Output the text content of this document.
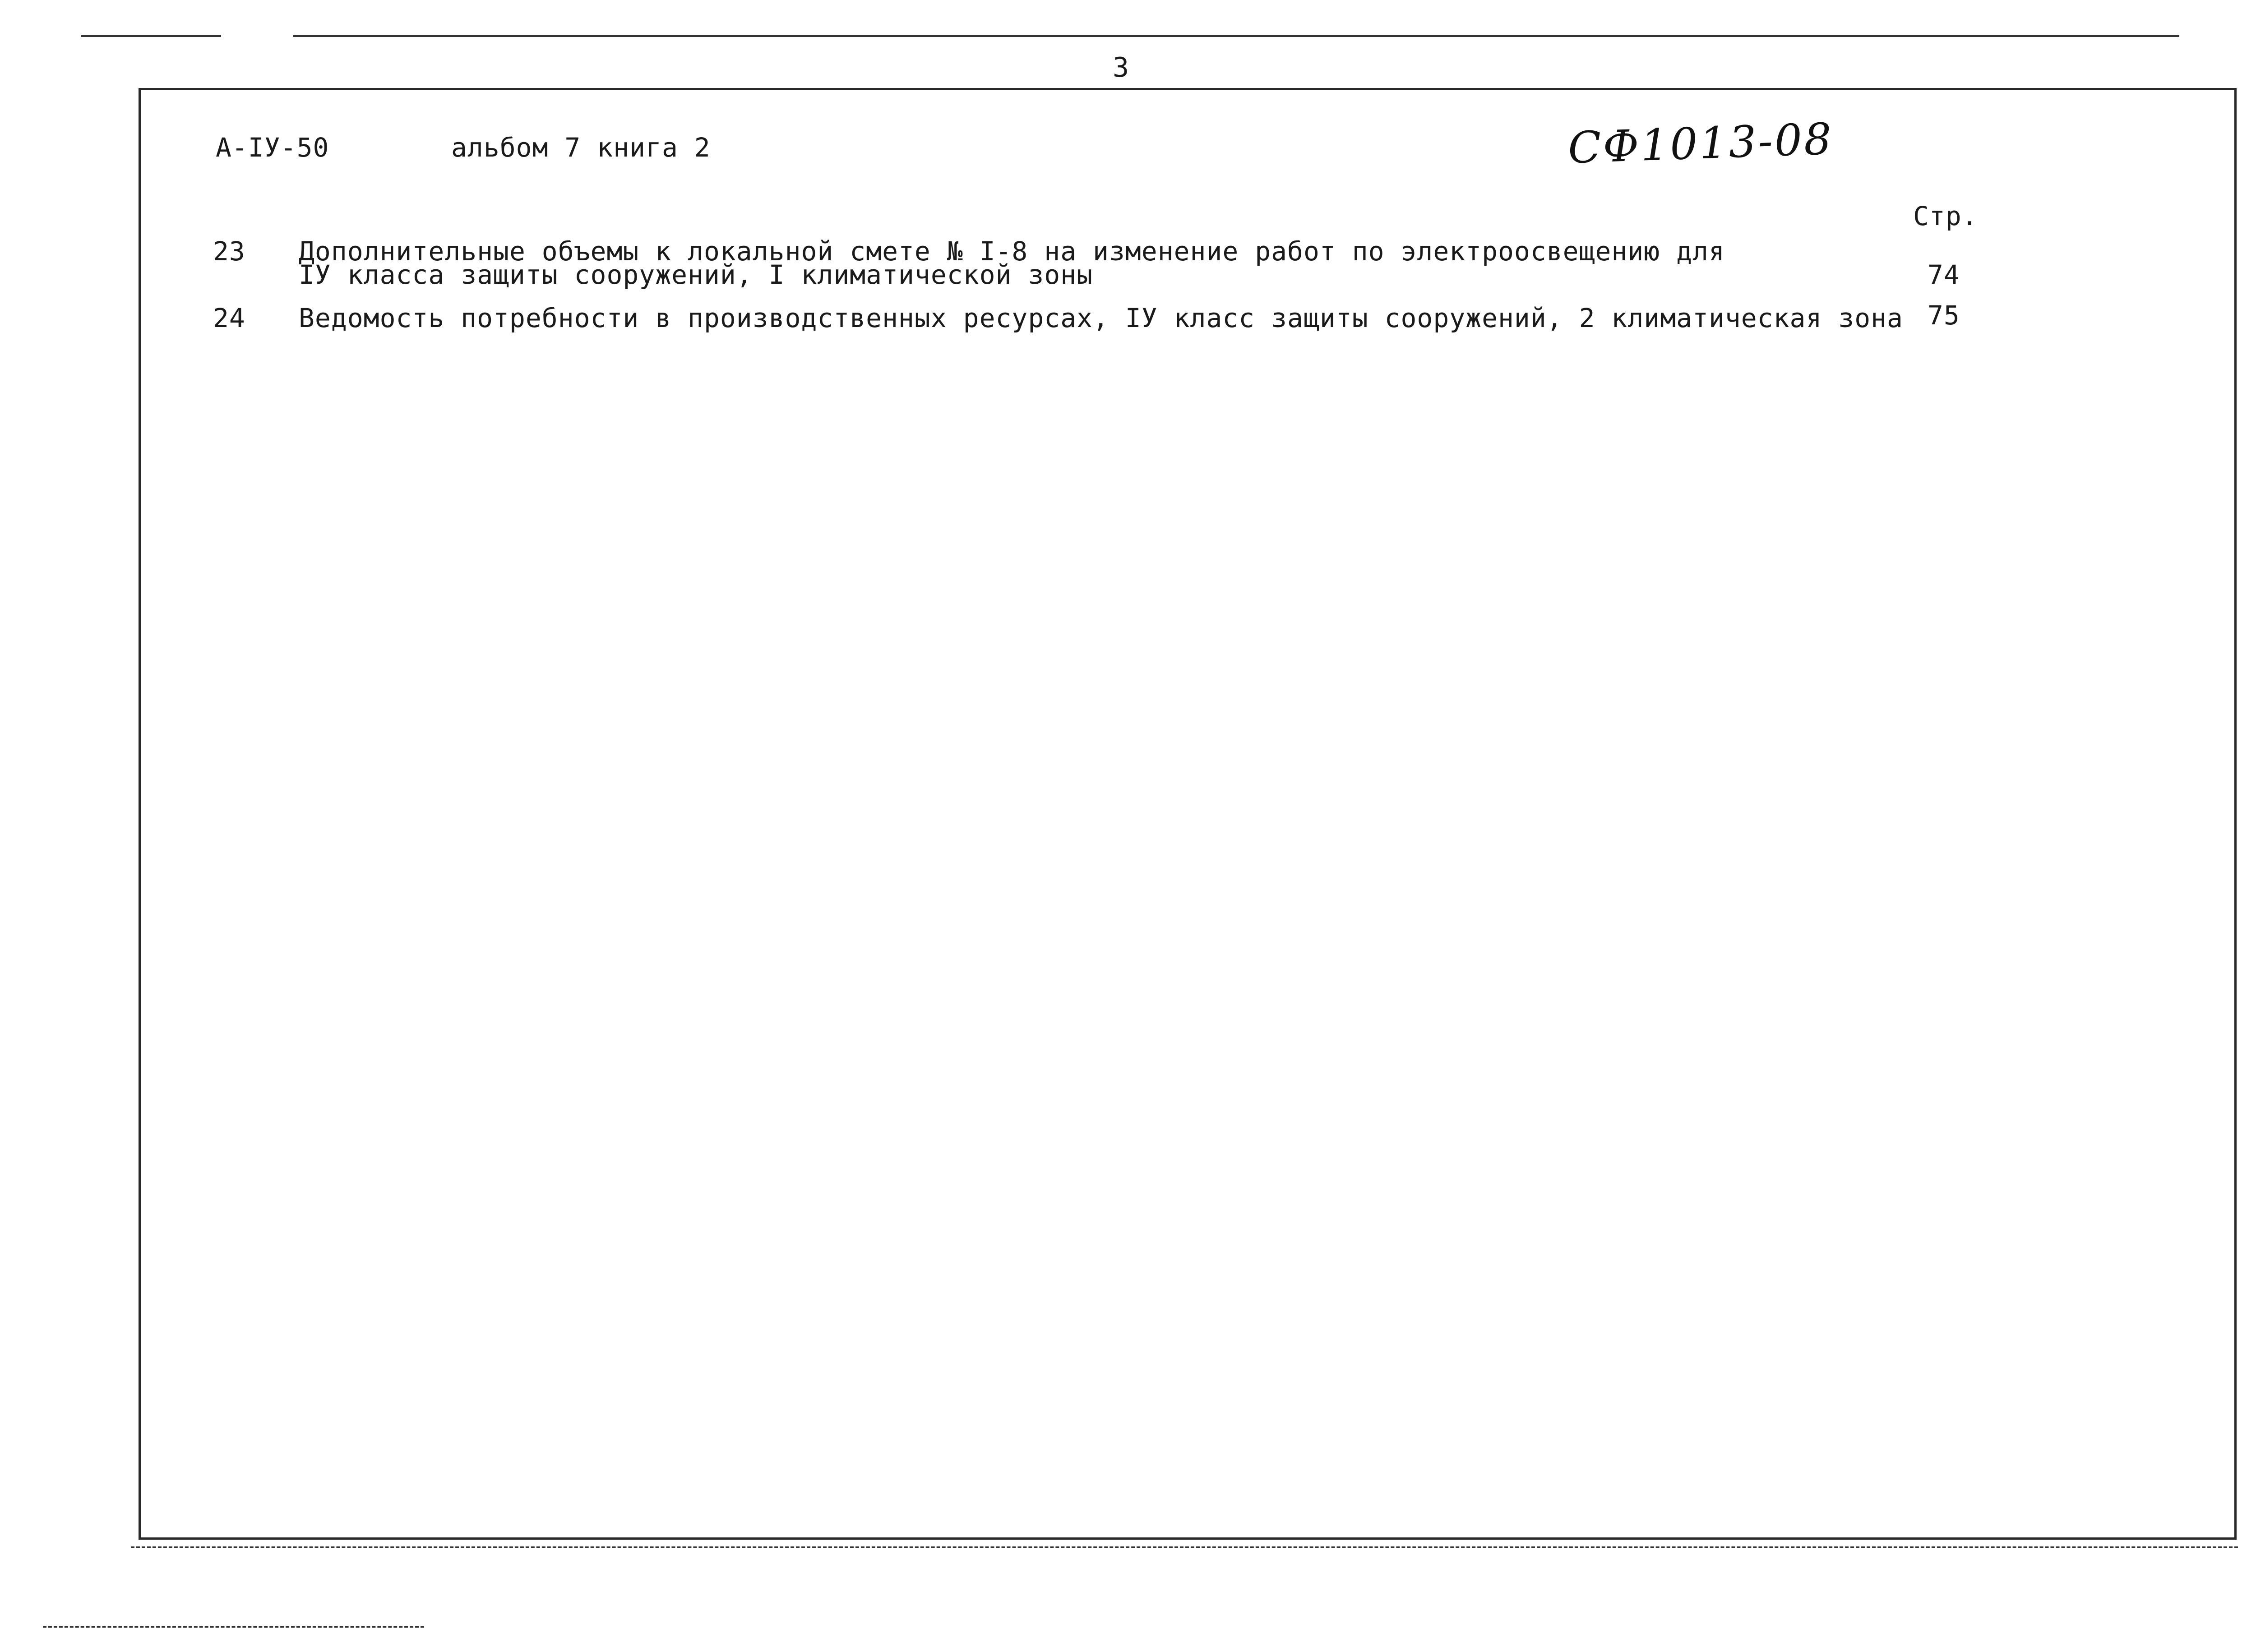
3
А-IУ-50	альбом 7 книга 2	СФ1013-08
Стр.
23 Дополнительные объемы к локальной смете № I-8 на изменение работ по электроосвещению для
IУ класса защиты сооружений, I климатической зоны	74
24 Ведомость потребности в производственных ресурсах, IУ класс защиты сооружений, 2 климатическая зона 75
